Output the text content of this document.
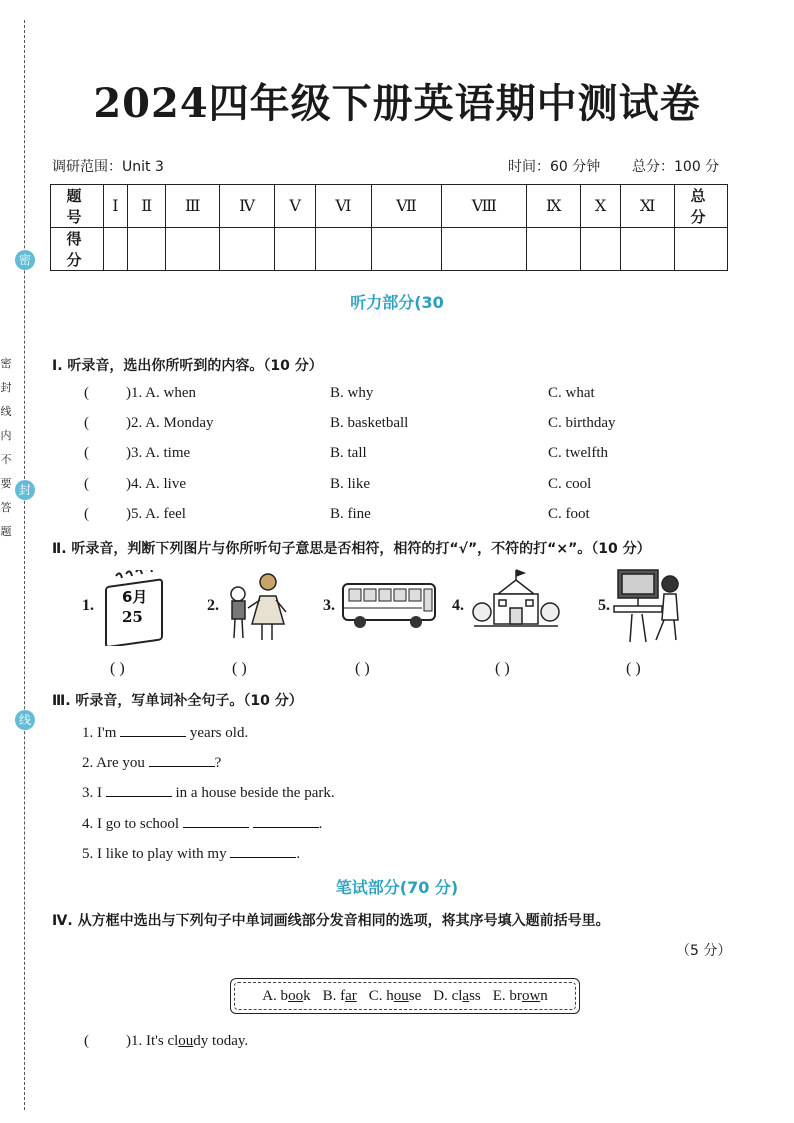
密
封
线
密 封 线 内 不 要 答 题
2024四年级下册英语期中测试卷
调研范围：Unit 3	时间：60 分钟 总分：100 分
题 号	Ⅰ	Ⅱ	Ⅲ	Ⅳ	Ⅴ	Ⅵ	Ⅶ	Ⅷ	Ⅸ	Ⅹ	Ⅺ	总 分
得 分												
听力部分(30
Ⅰ. 听录音，选出你所听到的内容。（10 分）
( )1. A. when	B. why	C. what
( )2. A. Monday	B. basketball	C. birthday
( )3. A. time	B. tall	C. twelfth
( )4. A. live	B. like	C. cool
( )5. A. feel	B. fine	C. foot
Ⅱ. 听录音，判断下列图片与你所听句子意思是否相符，相符的打“√”，不符的打“×”。（10 分）
1. 6月
25
2.	3.	4.	5.
( )	( )	( )	( )	( )
Ⅲ. 听录音，写单词补全句子。（10 分）
1. I'm	years old.
2. Are you	?
3. I	in a house beside the park.
4. I go to school	.
5. I like to play with my	.
笔试部分(70 分)
Ⅳ. 从方框中选出与下列句子中单词画线部分发音相同的选项，将其序号填入题前括号里。
（5 分）
A. book B. far C. house D. class E. brown
( )1. It's cloudy today.
